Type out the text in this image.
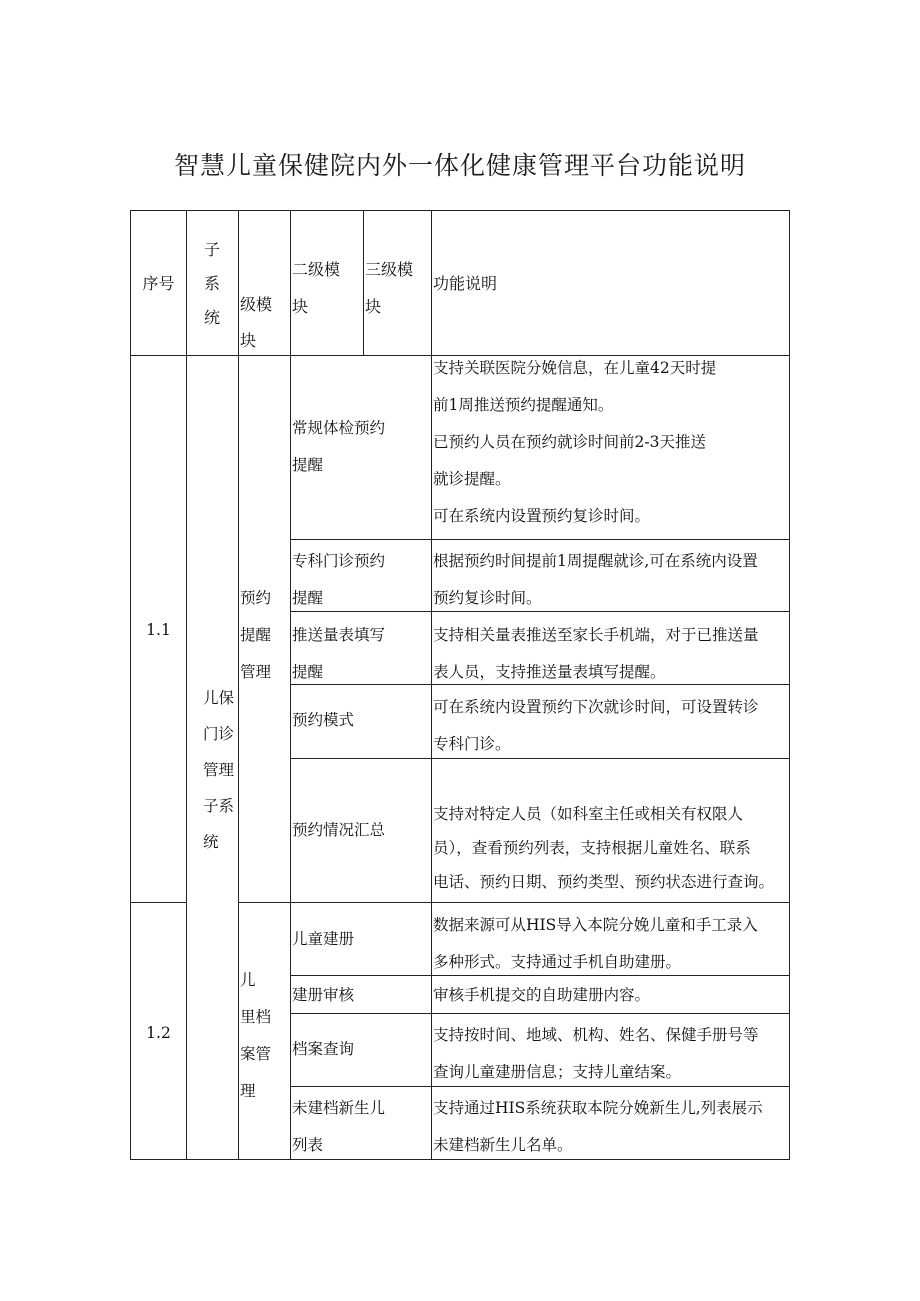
智慧儿童保健院内外一体化健康管理平台功能说明
序号

子

系

统

级模

块

二级模

块

三级模

块

功能说明
1.1
1.2

儿保

门诊

管理

子系

统

预约

提醒

管理

儿

里档

案管

理

常规体检预约

提醒

支持关联医院分娩信息，在儿童42天时提

前1周推送预约提醒通知。

已预约人员在预约就诊时间前2-3天推送

就诊提醒。

可在系统内设置预约复诊时间。

专科门诊预约

提醒

根据预约时间提前1周提醒就诊,可在系统内设置

预约复诊时间。

推送量表填写

提醒

支持相关量表推送至家长手机端，对于已推送量

表人员，支持推送量表填写提醒。

预约模式

可在系统内设置预约下次就诊时间，可设置转诊

专科门诊。

预约情况汇总

支持对特定人员（如科室主任或相关有权限人

员），查看预约列表，支持根据儿童姓名、联系

电话、预约日期、预约类型、预约状态进行查询。

儿童建册

数据来源可从HIS导入本院分娩儿童和手工录入

多种形式。支持通过手机自助建册。

建册审核	审核手机提交的自助建册内容。
档案查询

支持按时间、地域、机构、姓名、保健手册号等

查询儿童建册信息；支持儿童结案。

未建档新生儿

列表

支持通过HIS系统获取本院分娩新生儿,列表展示

未建档新生儿名单。
